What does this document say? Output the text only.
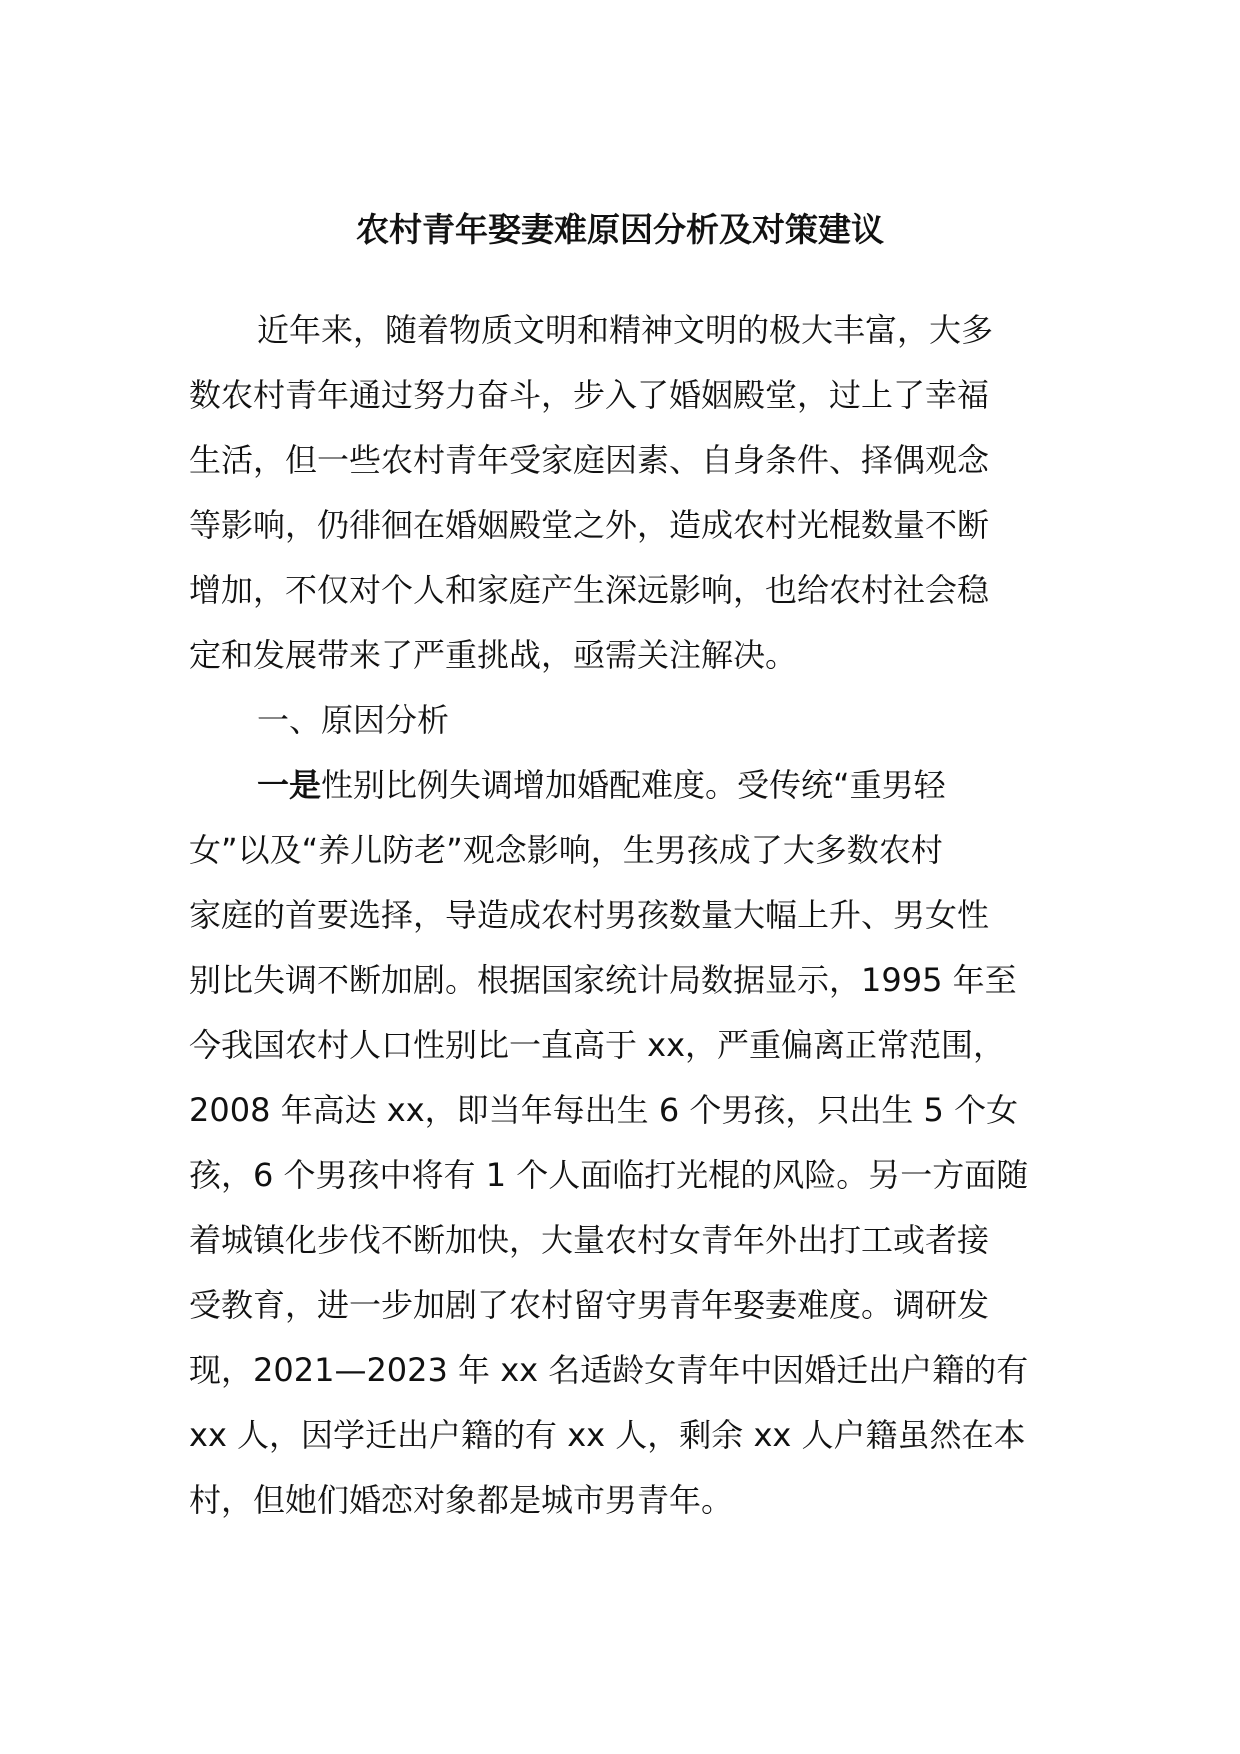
农村青年娶妻难原因分析及对策建议
近年来，随着物质文明和精神文明的极大丰富，大多
数农村青年通过努力奋斗，步入了婚姻殿堂，过上了幸福
生活，但一些农村青年受家庭因素、自身条件、择偶观念
等影响，仍徘徊在婚姻殿堂之外，造成农村光棍数量不断
增加，不仅对个人和家庭产生深远影响，也给农村社会稳
定和发展带来了严重挑战，亟需关注解决。
一、原因分析
一是性别比例失调增加婚配难度。受传统“重男轻
女”以及“养儿防老”观念影响，生男孩成了大多数农村
家庭的首要选择，导造成农村男孩数量大幅上升、男女性
别比失调不断加剧。根据国家统计局数据显示，1995 年至
今我国农村人口性别比一直高于 xx，严重偏离正常范围，
2008 年高达 xx，即当年每出生 6 个男孩，只出生 5 个女
孩，6 个男孩中将有 1 个人面临打光棍的风险。另一方面随
着城镇化步伐不断加快，大量农村女青年外出打工或者接
受教育，进一步加剧了农村留守男青年娶妻难度。调研发
现，2021—2023 年 xx 名适龄女青年中因婚迁出户籍的有
xx 人，因学迁出户籍的有 xx 人，剩余 xx 人户籍虽然在本
村，但她们婚恋对象都是城市男青年。
